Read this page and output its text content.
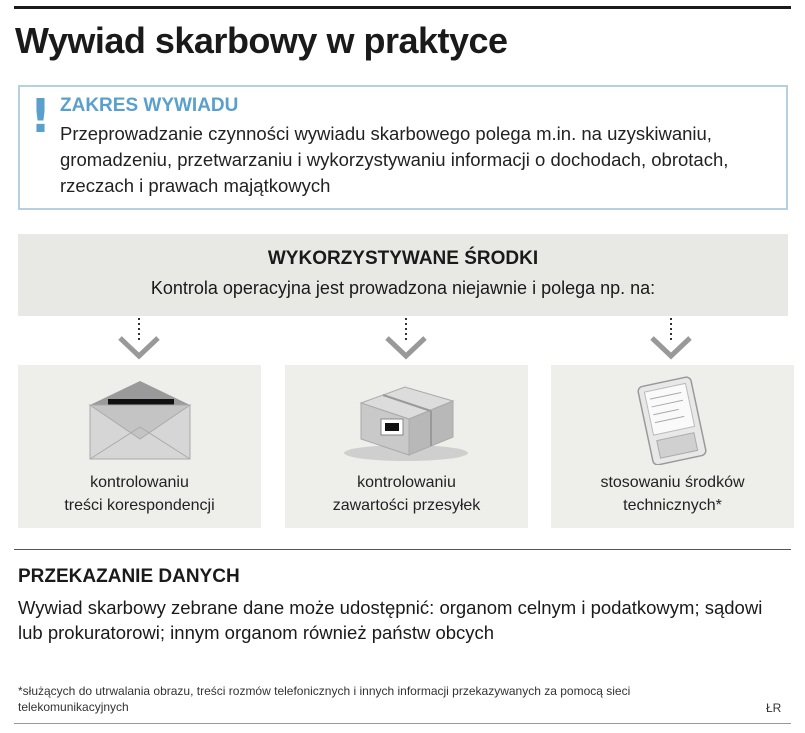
Wywiad skarbowy w praktyce
! ZAKRES WYWIADU
Przeprowadzanie czynności wywiadu skarbowego polega m.in. na uzyskiwaniu, gromadzeniu, przetwarzaniu i wykorzystywaniu informacji o dochodach, obrotach, rzeczach i prawach majątkowych
WYKORZYSTYWANE ŚRODKI
Kontrola operacyjna jest prowadzona niejawnie i polega np. na:
kontrolowaniu
treści korespondencji
kontrolowaniu
zawartości przesyłek
stosowaniu środków
technicznych*
PRZEKAZANIE DANYCH
Wywiad skarbowy zebrane dane może udostępnić: organom celnym i podatkowym; sądowi lub prokuratorowi; innym organom również państw obcych
*służących do utrwalania obrazu, treści rozmów telefonicznych i innych informacji przekazywanych za pomocą sieci telekomunikacyjnych	ŁR
